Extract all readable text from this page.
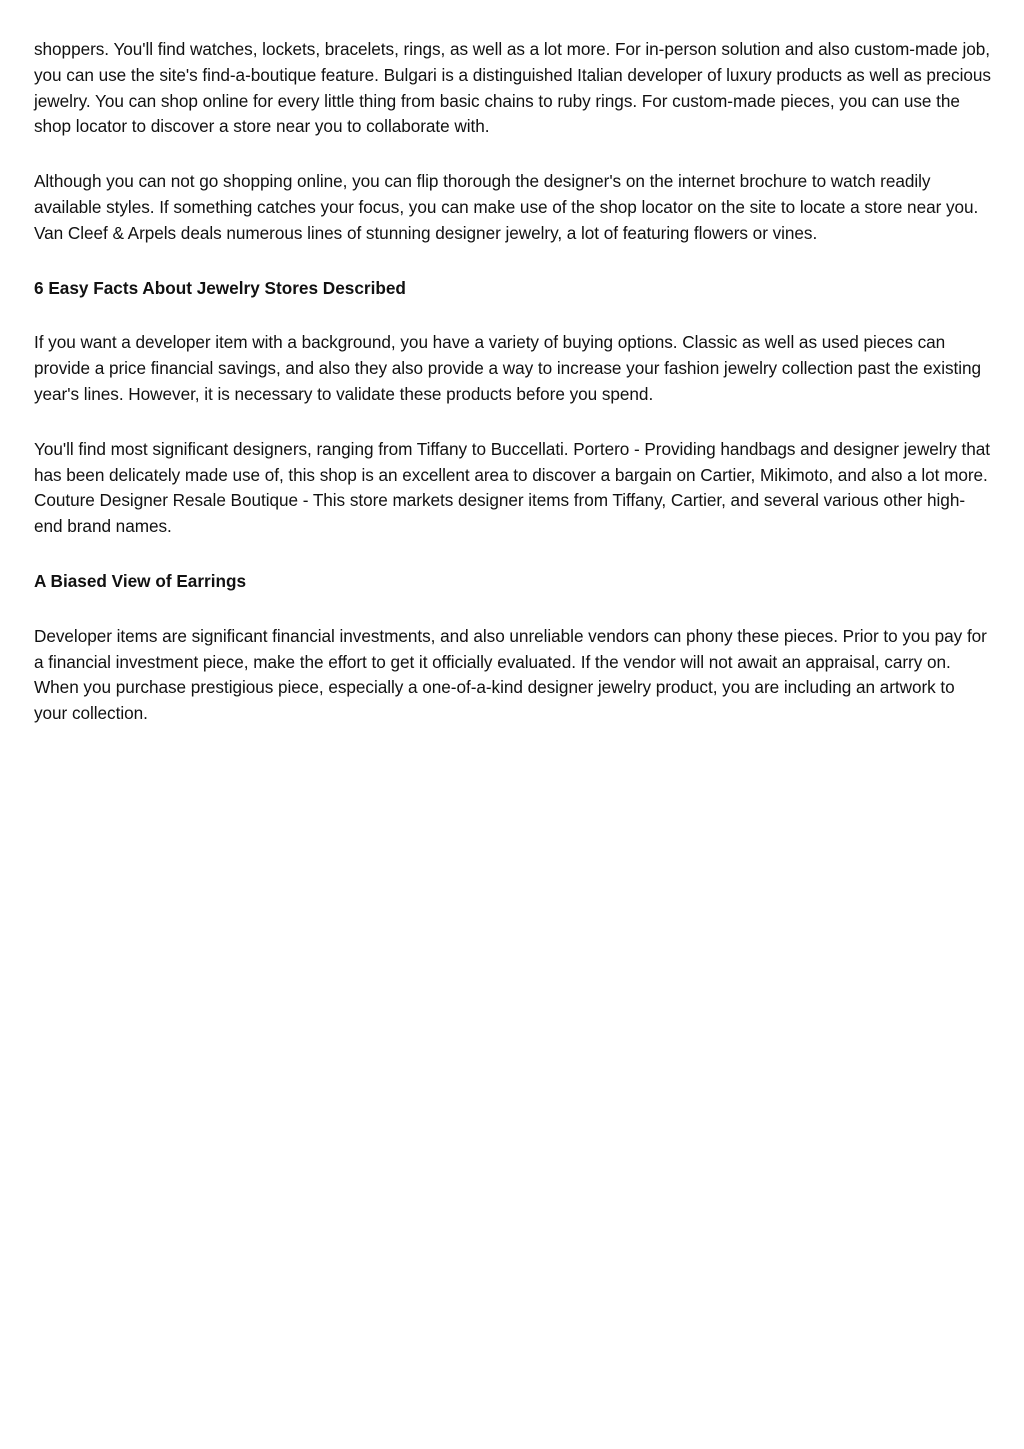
shoppers. You'll find watches, lockets, bracelets, rings, as well as a lot more. For in-person solution and also custom-made job, you can use the site's find-a-boutique feature. Bulgari is a distinguished Italian developer of luxury products as well as precious jewelry. You can shop online for every little thing from basic chains to ruby rings. For custom-made pieces, you can use the shop locator to discover a store near you to collaborate with.

Although you can not go shopping online, you can flip thorough the designer's on the internet brochure to watch readily available styles. If something catches your focus, you can make use of the shop locator on the site to locate a store near you. Van Cleef & Arpels deals numerous lines of stunning designer jewelry, a lot of featuring flowers or vines.

6 Easy Facts About Jewelry Stores Described

If you want a developer item with a background, you have a variety of buying options. Classic as well as used pieces can provide a price financial savings, and also they also provide a way to increase your fashion jewelry collection past the existing year's lines. However, it is necessary to validate these products before you spend.

You'll find most significant designers, ranging from Tiffany to Buccellati. Portero - Providing handbags and designer jewelry that has been delicately made use of, this shop is an excellent area to discover a bargain on Cartier, Mikimoto, and also a lot more. Couture Designer Resale Boutique - This store markets designer items from Tiffany, Cartier, and several various other high-end brand names.

A Biased View of Earrings

Developer items are significant financial investments, and also unreliable vendors can phony these pieces. Prior to you pay for a financial investment piece, make the effort to get it officially evaluated. If the vendor will not await an appraisal, carry on. When you purchase prestigious piece, especially a one-of-a-kind designer jewelry product, you are including an artwork to your collection.
